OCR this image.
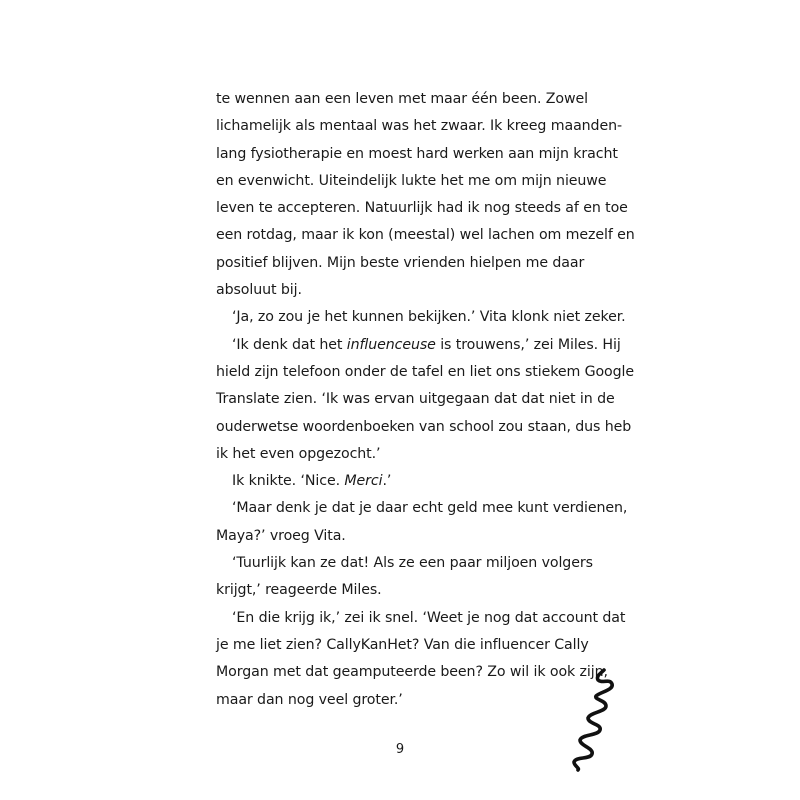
te wennen aan een leven met maar één been. Zowel
lichamelijk als mentaal was het zwaar. Ik kreeg maanden-
lang fysiotherapie en moest hard werken aan mijn kracht
en evenwicht. Uiteindelijk lukte het me om mijn nieuwe
leven te accepteren. Natuurlijk had ik nog steeds af en toe
een rotdag, maar ik kon (meestal) wel lachen om mezelf en
positief blijven. Mijn beste vrienden hielpen me daar
absoluut bij.
‘Ja, zo zou je het kunnen bekijken.’ Vita klonk niet zeker.
‘Ik denk dat het influenceuse is trouwens,’ zei Miles. Hij
hield zijn telefoon onder de tafel en liet ons stiekem Google
Translate zien. ‘Ik was ervan uitgegaan dat dat niet in de
ouderwetse woordenboeken van school zou staan, dus heb
ik het even opgezocht.’
Ik knikte. ‘Nice. Merci.’
‘Maar denk je dat je daar echt geld mee kunt verdienen,
Maya?’ vroeg Vita.
‘Tuurlijk kan ze dat! Als ze een paar miljoen volgers
krijgt,’ reageerde Miles.
‘En die krijg ik,’ zei ik snel. ‘Weet je nog dat account dat
je me liet zien? CallyKanHet? Van die influencer Cally
Morgan met dat geamputeerde been? Zo wil ik ook zijn,
maar dan nog veel groter.’
9
